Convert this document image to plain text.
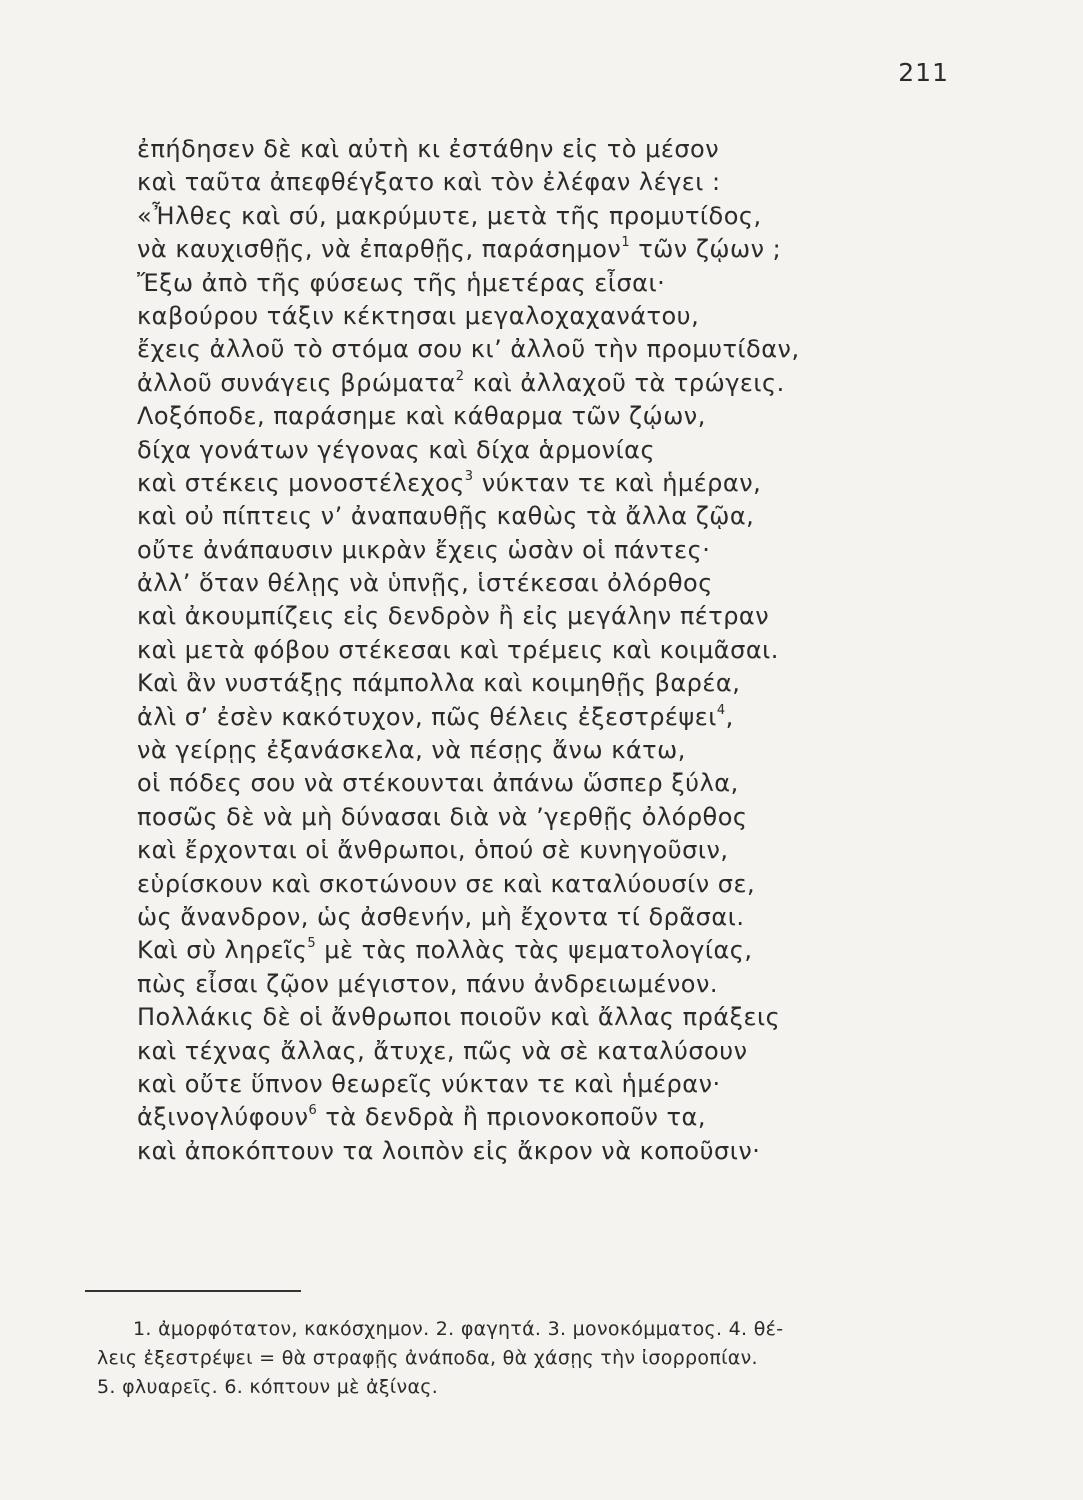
211
ἐπήδησεν δὲ καὶ αὐτὴ κι ἐστάθην εἰς τὸ μέσον
καὶ ταῦτα ἀπεφθέγξατο καὶ τὸν ἐλέφαν λέγει :
«Ἦλθες καὶ σύ, μακρύμυτε, μετὰ τῆς προμυτίδος,
νὰ καυχισθῇς, νὰ ἐπαρθῇς, παράσημον$^1$ τῶν ζῴων ;
Ἔξω ἀπὸ τῆς φύσεως τῆς ἡμετέρας εἶσαι·
καβούρου τάξιν κέκτησαι μεγαλοχαχανάτου,
ἔχεις ἀλλοῦ τὸ στόμα σου κι’ ἀλλοῦ τὴν προμυτίδαν,
ἀλλοῦ συνάγεις βρώματα$^2$ καὶ ἀλλαχοῦ τὰ τρώγεις.
Λοξόποδε, παράσημε καὶ κάθαρμα τῶν ζῴων,
δίχα γονάτων γέγονας καὶ δίχα ἁρμονίας
καὶ στέκεις μονοστέλεχος$^3$ νύκταν τε καὶ ἡμέραν,
καὶ οὐ πίπτεις ν’ ἀναπαυθῇς καθὼς τὰ ἄλλα ζῷα,
οὔτε ἀνάπαυσιν μικρὰν ἔχεις ὡσὰν οἱ πάντες·
ἀλλ’ ὅταν θέλῃς νὰ ὑπνῇς, ἱστέκεσαι ὀλόρθος
καὶ ἀκουμπίζεις εἰς δενδρὸν ἢ εἰς μεγάλην πέτραν
καὶ μετὰ φόβου στέκεσαι καὶ τρέμεις καὶ κοιμᾶσαι.
Καὶ ἂν νυστάξῃς πάμπολλα καὶ κοιμηθῇς βαρέα,
ἀλὶ σ’ ἐσὲν κακότυχον, πῶς θέλεις ἐξεστρέψει$^4$,
νὰ γείρῃς ἐξανάσκελα, νὰ πέσῃς ἄνω κάτω,
οἱ πόδες σου νὰ στέκουνται ἀπάνω ὥσπερ ξύλα,
ποσῶς δὲ νὰ μὴ δύνασαι διὰ νὰ ’γερθῇς ὀλόρθος
καὶ ἔρχονται οἱ ἄνθρωποι, ὁπού σὲ κυνηγοῦσιν,
εὑρίσκουν καὶ σκοτώνουν σε καὶ καταλύουσίν σε,
ὡς ἄνανδρον, ὡς ἀσθενήν, μὴ ἔχοντα τί δρᾶσαι.
Καὶ σὺ ληρεῖς$^5$ μὲ τὰς πολλὰς τὰς ψεματολογίας,
πὼς εἶσαι ζῷον μέγιστον, πάνυ ἀνδρειωμένον.
Πολλάκις δὲ οἱ ἄνθρωποι ποιοῦν καὶ ἄλλας πράξεις
καὶ τέχνας ἄλλας, ἄτυχε, πῶς νὰ σὲ καταλύσουν
καὶ οὔτε ὕπνον θεωρεῖς νύκταν τε καὶ ἡμέραν·
ἀξινογλύφουν$^6$ τὰ δενδρὰ ἢ πριονοκοποῦν τα,
καὶ ἀποκόπτουν τα λοιπὸν εἰς ἄκρον νὰ κοποῦσιν·
1. ἀμορφότατον, κακόσχημον. 2. φαγητά. 3. μονοκόμματος. 4. θέ-
λεις ἐξεστρέψει = θὰ στραφῇς ἀνάποδα, θὰ χάσῃς τὴν ἰσορροπίαν.
5. φλυαρεῖς. 6. κόπτουν μὲ ἀξίνας.
